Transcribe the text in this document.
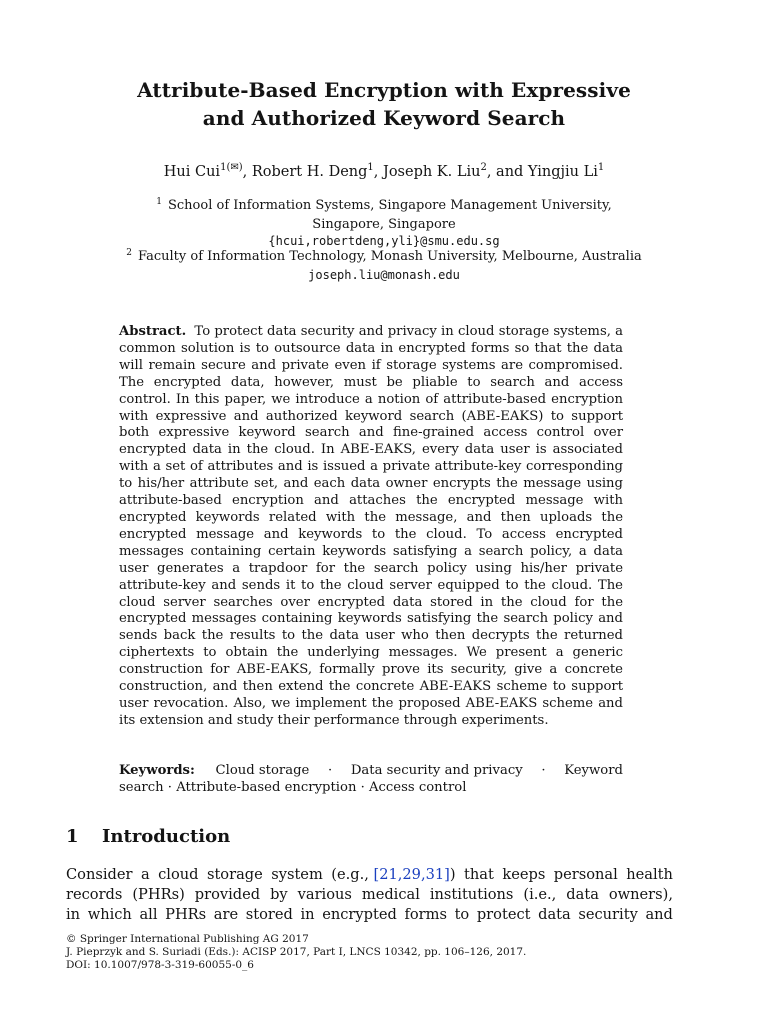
Attribute-Based Encryption with Expressive
and Authorized Keyword Search
Hui Cui$^{1(✉)}$, Robert H. Deng$^1$, Joseph K. Liu$^2$, and Yingjiu Li$^1$
$^1$ School of Information Systems, Singapore Management University,
Singapore, Singapore
{hcui,robertdeng,yli}@smu.edu.sg
$^2$ Faculty of Information Technology, Monash University, Melbourne, Australia
joseph.liu@monash.edu
Abstract. To protect data security and privacy in cloud storage systems, a common solution is to outsource data in encrypted forms so that the data will remain secure and private even if storage systems are compromised. The encrypted data, however, must be pliable to search and access control. In this paper, we introduce a notion of attribute-based encryption with expressive and authorized keyword search (ABE-EAKS) to support both expressive keyword search and fine-grained access control over encrypted data in the cloud. In ABE-EAKS, every data user is associated with a set of attributes and is issued a private attribute-key corresponding to his/her attribute set, and each data owner encrypts the message using attribute-based encryption and attaches the encrypted message with encrypted keywords related with the message, and then uploads the encrypted message and keywords to the cloud. To access encrypted messages containing certain keywords satisfying a search policy, a data user generates a trapdoor for the search policy using his/her private attribute-key and sends it to the cloud server equipped to the cloud. The cloud server searches over encrypted data stored in the cloud for the encrypted messages containing keywords satisfying the search policy and sends back the results to the data user who then decrypts the returned ciphertexts to obtain the underlying messages. We present a generic construction for ABE-EAKS, formally prove its security, give a concrete construction, and then extend the concrete ABE-EAKS scheme to support user revocation. Also, we implement the proposed ABE-EAKS scheme and its extension and study their performance through experiments.
Keywords: Cloud storage · Data security and privacy · Keyword
search · Attribute-based encryption · Access control
1 Introduction
Consider a cloud storage system (e.g., [21,29,31]) that keeps personal health
records (PHRs) provided by various medical institutions (i.e., data owners),
in which all PHRs are stored in encrypted forms to protect data security and
© Springer International Publishing AG 2017
J. Pieprzyk and S. Suriadi (Eds.): ACISP 2017, Part I, LNCS 10342, pp. 106–126, 2017.
DOI: 10.1007/978-3-319-60055-0_6
